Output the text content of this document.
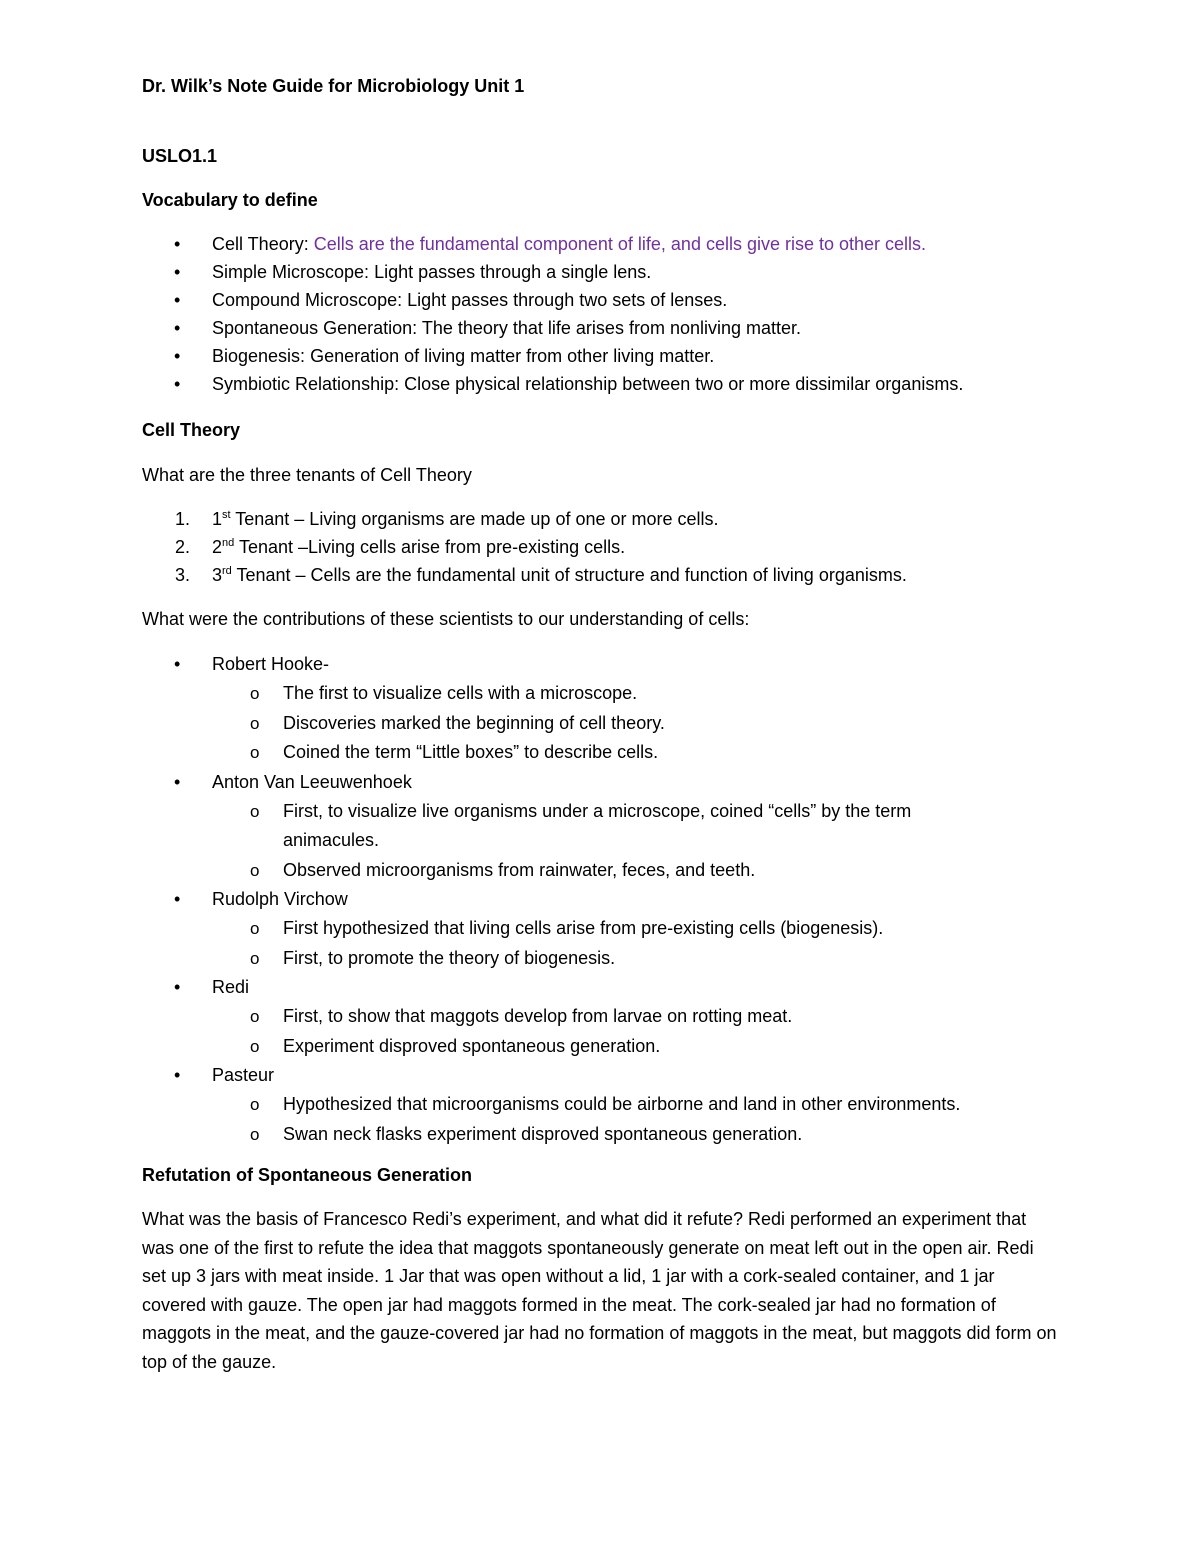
Dr. Wilk’s Note Guide for Microbiology Unit 1
USLO1.1
Vocabulary to define
• Cell Theory: Cells are the fundamental component of life, and cells give rise to other cells.
• Simple Microscope: Light passes through a single lens.
• Compound Microscope: Light passes through two sets of lenses.
• Spontaneous Generation: The theory that life arises from nonliving matter.
• Biogenesis: Generation of living matter from other living matter.
• Symbiotic Relationship: Close physical relationship between two or more dissimilar organisms.
Cell Theory

What are the three tenants of Cell Theory

1. 1st Tenant – Living organisms are made up of one or more cells.
2. 2nd Tenant –Living cells arise from pre-existing cells.
3. 3rd Tenant – Cells are the fundamental unit of structure and function of living organisms.

What were the contributions of these scientists to our understanding of cells:

• Robert Hooke-
o The first to visualize cells with a microscope.
o Discoveries marked the beginning of cell theory.
o Coined the term “Little boxes” to describe cells.
• Anton Van Leeuwenhoek
o First, to visualize live organisms under a microscope, coined “cells” by the term animacules.
o Observed microorganisms from rainwater, feces, and teeth.
• Rudolph Virchow
o First hypothesized that living cells arise from pre-existing cells (biogenesis).
o First, to promote the theory of biogenesis.
• Redi
o First, to show that maggots develop from larvae on rotting meat.
o Experiment disproved spontaneous generation.
• Pasteur
o Hypothesized that microorganisms could be airborne and land in other environments.
o Swan neck flasks experiment disproved spontaneous generation.
Refutation of Spontaneous Generation

What was the basis of Francesco Redi’s experiment, and what did it refute? Redi performed an experiment that was one of the first to refute the idea that maggots spontaneously generate on meat left out in the open air. Redi set up 3 jars with meat inside. 1 Jar that was open without a lid, 1 jar with a cork-sealed container, and 1 jar covered with gauze. The open jar had maggots formed in the meat. The cork-sealed jar had no formation of maggots in the meat, and the gauze-covered jar had no formation of maggots in the meat, but maggots did form on top of the gauze.
